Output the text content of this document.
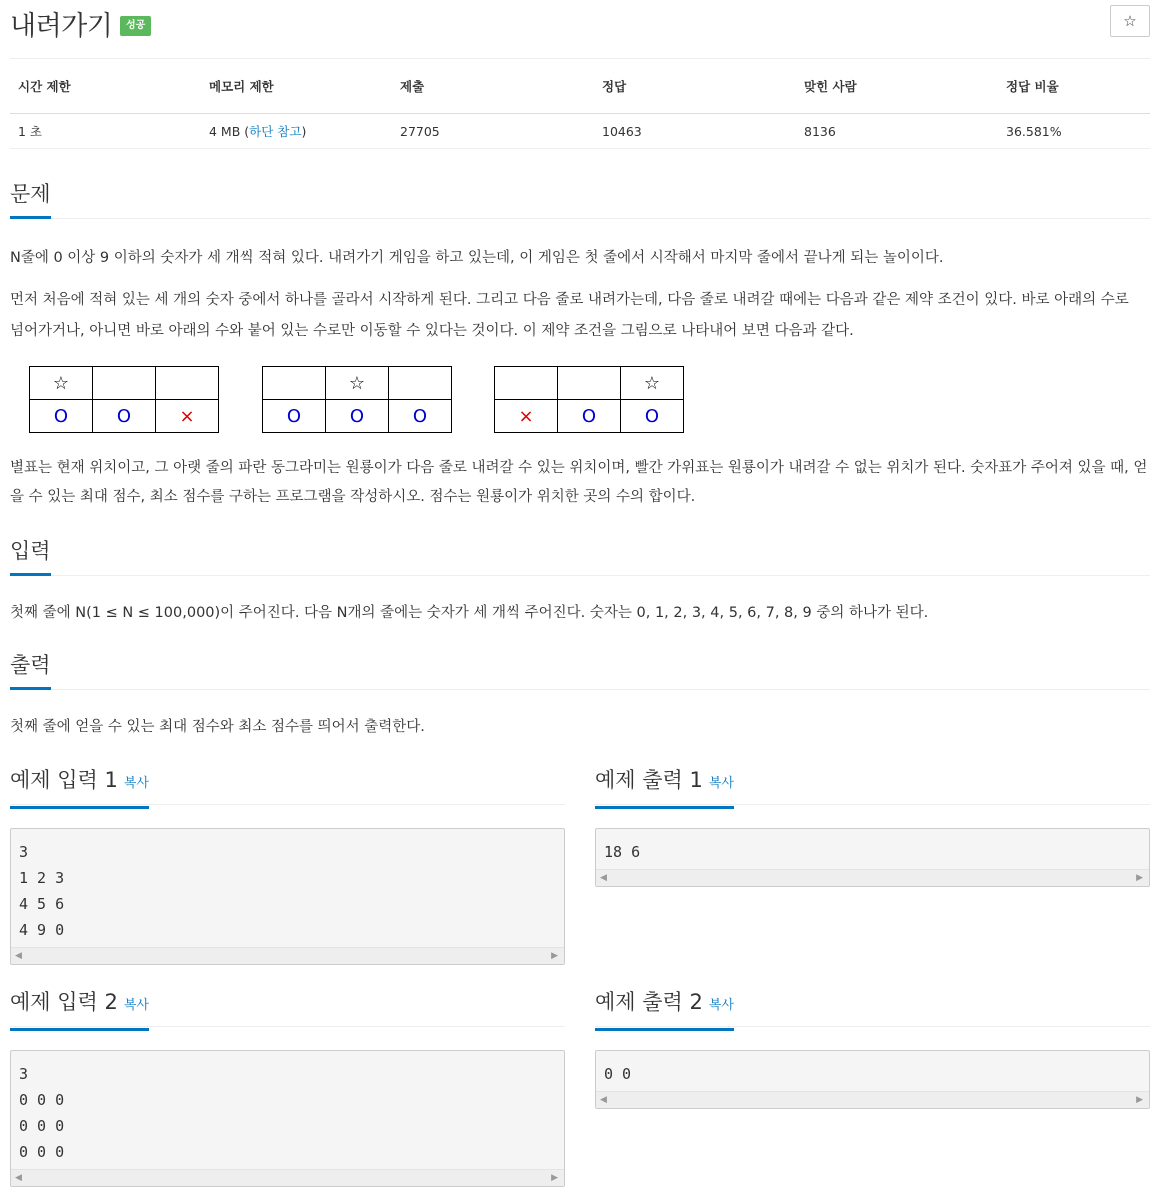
내려가기	성공	☆
시간 제한	메모리 제한	제출	정답	맞힌 사람	정답 비율
1 초	4 MB (하단 참고)	27705	10463	8136	36.581%
문제

N줄에 0 이상 9 이하의 숫자가 세 개씩 적혀 있다. 내려가기 게임을 하고 있는데, 이 게임은 첫 줄에서 시작해서 마지막 줄에서 끝나게 되는 놀이이다.

먼저 처음에 적혀 있는 세 개의 숫자 중에서 하나를 골라서 시작하게 된다. 그리고 다음 줄로 내려가는데, 다음 줄로 내려갈 때에는 다음과 같은 제약 조건이 있다. 바로 아래의 수로 넘어가거나, 아니면 바로 아래의 수와 붙어 있는 수로만 이동할 수 있다는 것이다. 이 제약 조건을 그림으로 나타내어 보면 다음과 같다.

☆		
O	O	×
	☆	
O	O	O
		☆
×	O	O

별표는 현재 위치이고, 그 아랫 줄의 파란 동그라미는 원룡이가 다음 줄로 내려갈 수 있는 위치이며, 빨간 가위표는 원룡이가 내려갈 수 없는 위치가 된다. 숫자표가 주어져 있을 때, 얻을 수 있는 최대 점수, 최소 점수를 구하는 프로그램을 작성하시오. 점수는 원룡이가 위치한 곳의 수의 합이다.

입력

첫째 줄에 N(1 ≤ N ≤ 100,000)이 주어진다. 다음 N개의 줄에는 숫자가 세 개씩 주어진다. 숫자는 0, 1, 2, 3, 4, 5, 6, 7, 8, 9 중의 하나가 된다.

출력

첫째 줄에 얻을 수 있는 최대 점수와 최소 점수를 띄어서 출력한다.

예제 입력 1 복사
3
1 2 3
4 5 6
4 9 0
◀	▶
예제 출력 1 복사
18 6
◀	▶
예제 입력 2 복사
3
0 0 0
0 0 0
0 0 0
◀	▶
예제 출력 2 복사
0 0
◀	▶
